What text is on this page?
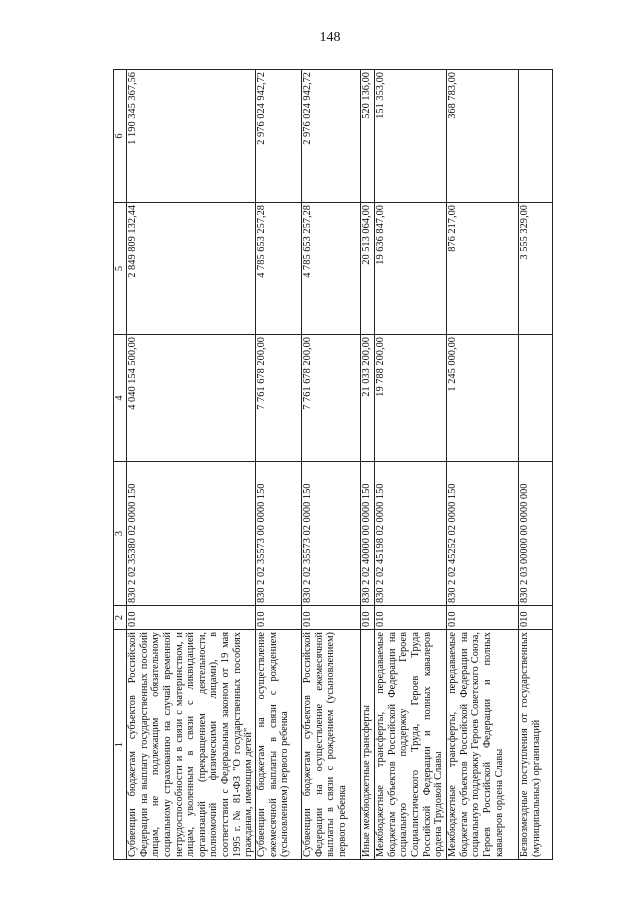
148
1	2	3	4	5	6
Субвенции бюджетам субъектов Российской Федерации на выплату государственных пособий лицам, не подлежащим обязательному социальному страхованию на случай временной нетрудоспособности и в связи с материнством, и лицам, уволенным в связи с ликвидацией организаций (прекращением деятельности, полномочий физическими лицами), в соответствии с Федеральным законом от 19 мая 1995 г. № 81-ФЗ "О государственных пособиях гражданам, имеющим детей"	010	830 2 02 35380 02 0000 150	4 040 154 500,00	2 849 809 132,44	1 190 345 367,56
Субвенции бюджетам на осуществление ежемесячной выплаты в связи с рождением (усыновлением) первого ребенка	010	830 2 02 35573 00 0000 150	7 761 678 200,00	4 785 653 257,28	2 976 024 942,72
Субвенции бюджетам субъектов Российской Федерации на осуществление ежемесячной выплаты в связи с рождением (усыновлением) первого ребенка	010	830 2 02 35573 02 0000 150	7 761 678 200,00	4 785 653 257,28	2 976 024 942,72
Иные межбюджетные трансферты	010	830 2 02 40000 00 0000 150	21 033 200,00	20 513 064,00	520 136,00
Межбюджетные трансферты, передаваемые бюджетам субъектов Российской Федерации на социальную поддержку Героев Социалистического Труда, Героев Труда Российской Федерации и полных кавалеров ордена Трудовой Славы	010	830 2 02 45198 02 0000 150	19 788 200,00	19 636 847,00	151 353,00
Межбюджетные трансферты, передаваемые бюджетам субъектов Российской Федерации на социальную поддержку Героев Советского Союза, Героев Российской Федерации и полных кавалеров ордена Славы	010	830 2 02 45252 02 0000 150	1 245 000,00	876 217,00	368 783,00
Безвозмездные поступления от государственных (муниципальных) организаций	010	830 2 03 00000 00 0000 000		3 555 329,00	
